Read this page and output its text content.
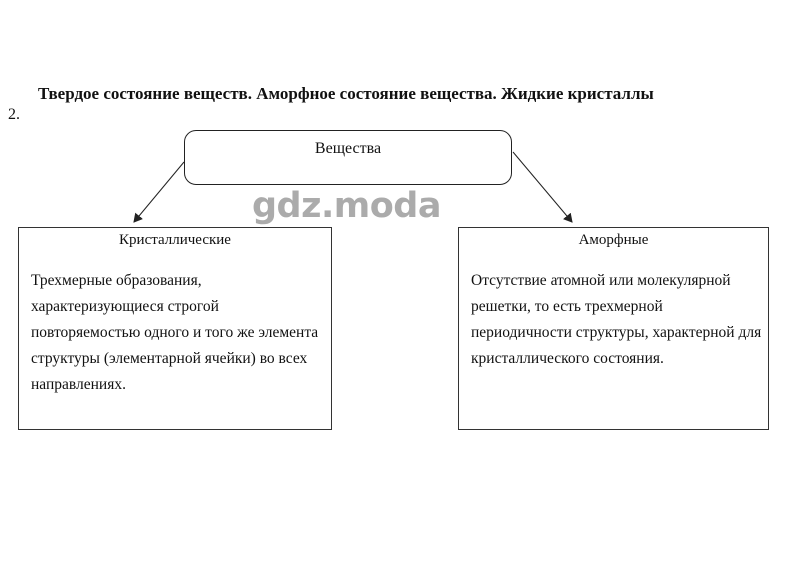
Твердое состояние веществ. Аморфное состояние вещества. Жидкие кристаллы
2.
Вещества
Кристаллические
Трехмерные образования, характеризующиеся строгой повторяемостью одного и того же элемента структуры (элементарной ячейки) во всех направлениях.
Аморфные
Отсутствие атомной или молекулярной решетки, то есть трехмерной периодичности структуры, характерной для кристаллического состояния.
gdz.moda
